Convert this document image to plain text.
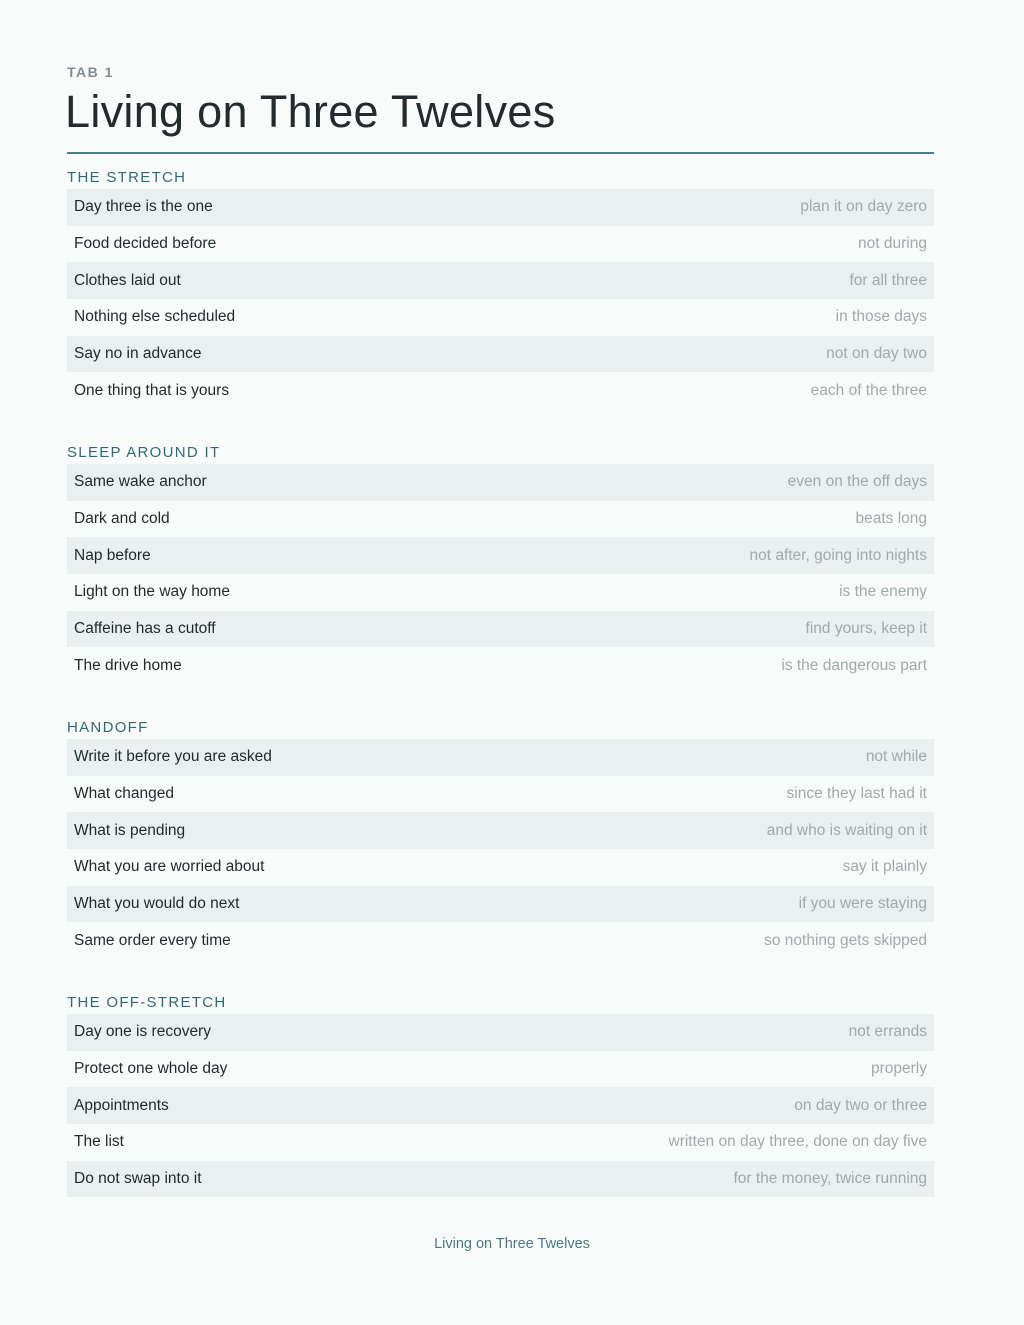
TAB 1
Living on Three Twelves
THE STRETCH
Day three is the one	plan it on day zero
Food decided before	not during
Clothes laid out	for all three
Nothing else scheduled	in those days
Say no in advance	not on day two
One thing that is yours	each of the three
SLEEP AROUND IT
Same wake anchor	even on the off days
Dark and cold	beats long
Nap before	not after, going into nights
Light on the way home	is the enemy
Caffeine has a cutoff	find yours, keep it
The drive home	is the dangerous part
HANDOFF
Write it before you are asked	not while
What changed	since they last had it
What is pending	and who is waiting on it
What you are worried about	say it plainly
What you would do next	if you were staying
Same order every time	so nothing gets skipped
THE OFF-STRETCH
Day one is recovery	not errands
Protect one whole day	properly
Appointments	on day two or three
The list	written on day three, done on day five
Do not swap into it	for the money, twice running
Living on Three Twelves
